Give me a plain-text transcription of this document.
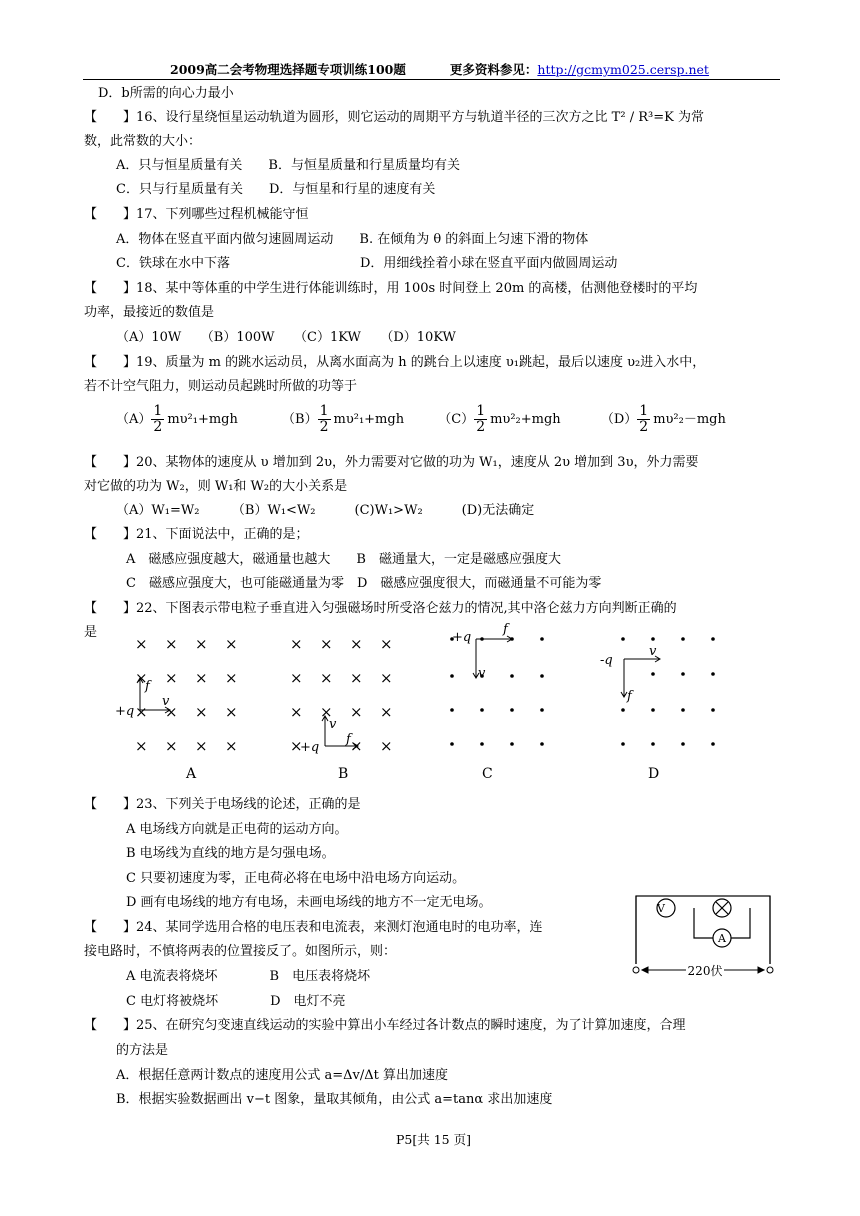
2009高二会考物理选择题专项训练100题	更多资料参见：http://gcmym025.cersp.net
D．b所需的向心力最小
【　　】16、设行星绕恒星运动轨道为圆形，则它运动的周期平方与轨道半径的三次方之比 T² / R³=K 为常
数，此常数的大小：
A．只与恒星质量有关　　B．与恒星质量和行星质量均有关
C．只与行星质量有关　　D．与恒星和行星的速度有关
【　　】17、下列哪些过程机械能守恒
A．物体在竖直平面内做匀速圆周运动　　B. 在倾角为 θ 的斜面上匀速下滑的物体
C．铁球在水中下落　　　　　　　　　　D．用细线拴着小球在竖直平面内做圆周运动
【　　】18、某中等体重的中学生进行体能训练时，用 100s 时间登上 20m 的高楼，估测他登楼时的平均
功率，最接近的数值是
（A）10W　　（B）100W　　（C）1KW　　（D）10KW
【　　】19、质量为 m 的跳水运动员，从离水面高为 h 的跳台上以速度 υ₁跳起，最后以速度 υ₂进入水中，
若不计空气阻力，则运动员起跳时所做的功等于
$(A) \frac{1}{2} m\upsilon^2_1+mgh$	$(B) \frac{1}{2} m\upsilon^2_1+mgh$	$(C) \frac{1}{2} m\upsilon^2_2+mgh$	$(D) \frac{1}{2} m\upsilon^2_2-mgh$
【　　】20、某物体的速度从 υ 增加到 2υ，外力需要对它做的功为 W₁，速度从 2υ 增加到 3υ，外力需要
对它做的功为 W₂，则 W₁和 W₂的大小关系是
（A）W₁=W₂　　　（B）W₁<W₂　　　(C)W₁>W₂　　　(D)无法确定
【　　】21、下面说法中，正确的是；
A　磁感应强度越大，磁通量也越大　　B　磁通量大，一定是磁感应强度大
C　磁感应强度大，也可能磁通量为零　D　磁感应强度很大，而磁通量不可能为零
【　　】22、下图表示带电粒子垂直进入匀强磁场时所受洛仑兹力的情况,其中洛仑兹力方向判断正确的
是
× × × ×
× × × ×
× × × ×
× × × ×
+q
f
v
A
× × × ×
× × × ×
× × × ×
×	× ×
+q
v
f
B
+q
f
v
C
-q
v
f
D
【　　】23、下列关于电场线的论述，正确的是
A 电场线方向就是正电荷的运动方向。
B 电场线为直线的地方是匀强电场。
C 只要初速度为零，正电荷必将在电场中沿电场方向运动。
D 画有电场线的地方有电场，未画电场线的地方不一定无电场。
【　　】24、某同学选用合格的电压表和电流表，来测灯泡通电时的电功率，连
接电路时，不慎将两表的位置接反了。如图所示，则：
A 电流表将烧坏　　　　B　电压表将烧坏
C 电灯将被烧坏　　　　D　电灯不亮
V
A
220伏
【　　】25、在研究匀变速直线运动的实验中算出小车经过各计数点的瞬时速度，为了计算加速度，合理
的方法是
A．根据任意两计数点的速度用公式 a=Δv/Δt 算出加速度
B．根据实验数据画出 v−t 图象，量取其倾角，由公式 a=tanα 求出加速度
P5[共 15 页]
